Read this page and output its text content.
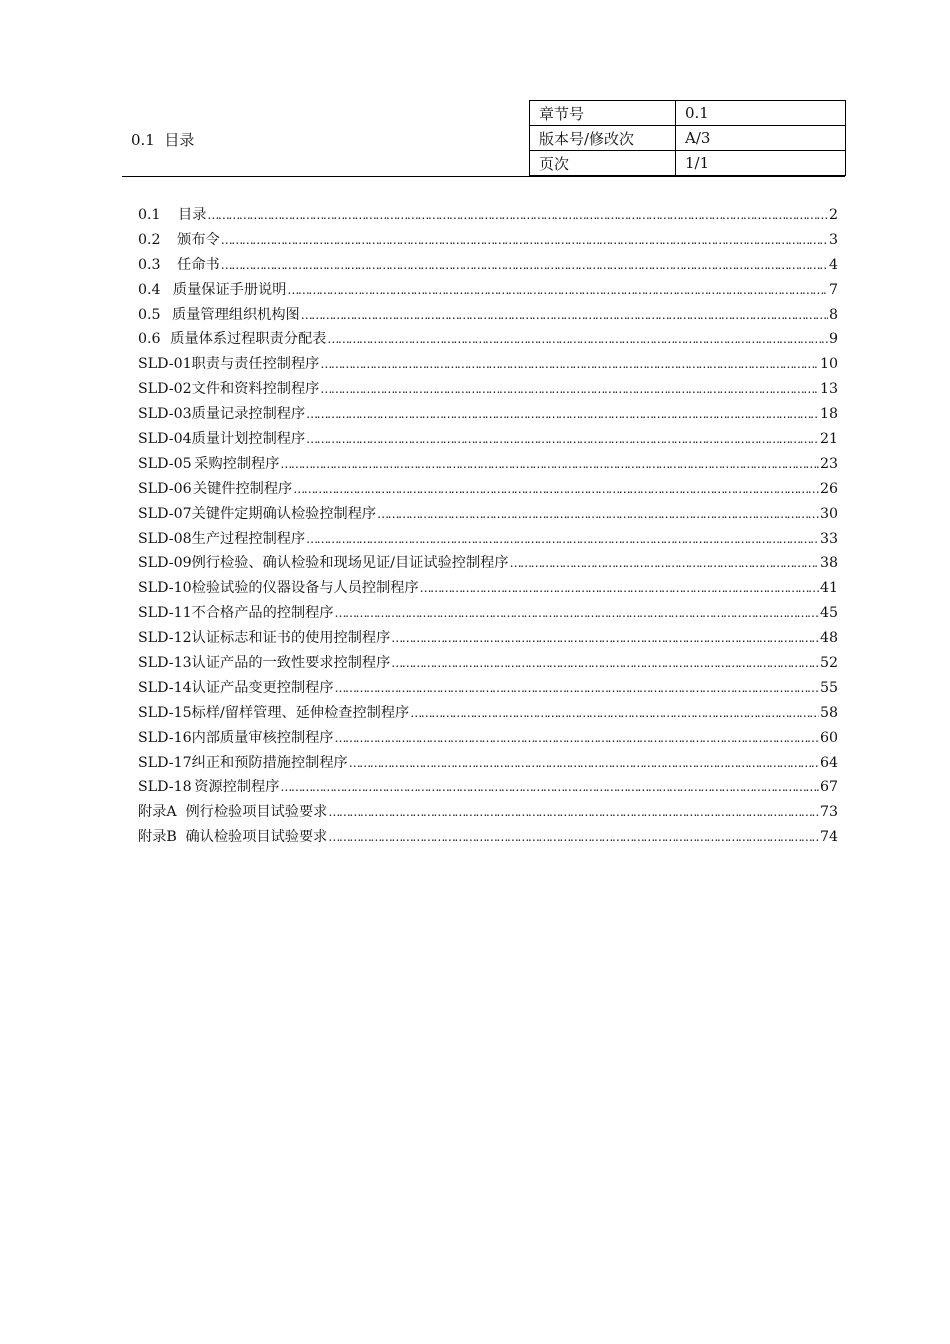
0.1  目录
章节号	0.1
版本号/修改次	A/3
页次	1/1
0.1	目录 ……………………………………………………………………………………………………………………………………………………………………	2
0.2	颁布令 ……………………………………………………………………………………………………………………………………………………………………	3
0.3	任命书 ……………………………………………………………………………………………………………………………………………………………………	4
0.4 质量保证手册说明 ……………………………………………………………………………………………………………………………………………………………………	7
0.5 质量管理组织机构图 ……………………………………………………………………………………………………………………………………………………………………	8
0.6 质量体系过程职责分配表 ……………………………………………………………………………………………………………………………………………………………………	9
SLD-01 职责与责任控制程序 ……………………………………………………………………………………………………………………………………………………………………	10
SLD-02 文件和资料控制程序 ……………………………………………………………………………………………………………………………………………………………………	13
SLD-03 质量记录控制程序 ……………………………………………………………………………………………………………………………………………………………………	18
SLD-04 质量计划控制程序 ……………………………………………………………………………………………………………………………………………………………………	21
SLD-05 采购控制程序 ……………………………………………………………………………………………………………………………………………………………………	23
SLD-06 关键件控制程序 ……………………………………………………………………………………………………………………………………………………………………	26
SLD-07 关键件定期确认检验控制程序 ……………………………………………………………………………………………………………………………………………………………………	30
SLD-08 生产过程控制程序 ……………………………………………………………………………………………………………………………………………………………………	33
SLD-09 例行检验、确认检验和现场见证/目证试验控制程序 ……………………………………………………………………………………………………………………………………………………………………	38
SLD-10 检验试验的仪器设备与人员控制程序 ……………………………………………………………………………………………………………………………………………………………………	41
SLD-11 不合格产品的控制程序 ……………………………………………………………………………………………………………………………………………………………………	45
SLD-12 认证标志和证书的使用控制程序 ……………………………………………………………………………………………………………………………………………………………………	48
SLD-13 认证产品的一致性要求控制程序 ……………………………………………………………………………………………………………………………………………………………………	52
SLD-14 认证产品变更控制程序 ……………………………………………………………………………………………………………………………………………………………………	55
SLD-15 标样/留样管理、延伸检查控制程序 ……………………………………………………………………………………………………………………………………………………………………	58
SLD-16 内部质量审核控制程序 ……………………………………………………………………………………………………………………………………………………………………	60
SLD-17 纠正和预防措施控制程序 ……………………………………………………………………………………………………………………………………………………………………	64
SLD-18 资源控制程序 ……………………………………………………………………………………………………………………………………………………………………	67
附录A 例行检验项目试验要求 ……………………………………………………………………………………………………………………………………………………………………	73
附录B 确认检验项目试验要求 ……………………………………………………………………………………………………………………………………………………………………	74
